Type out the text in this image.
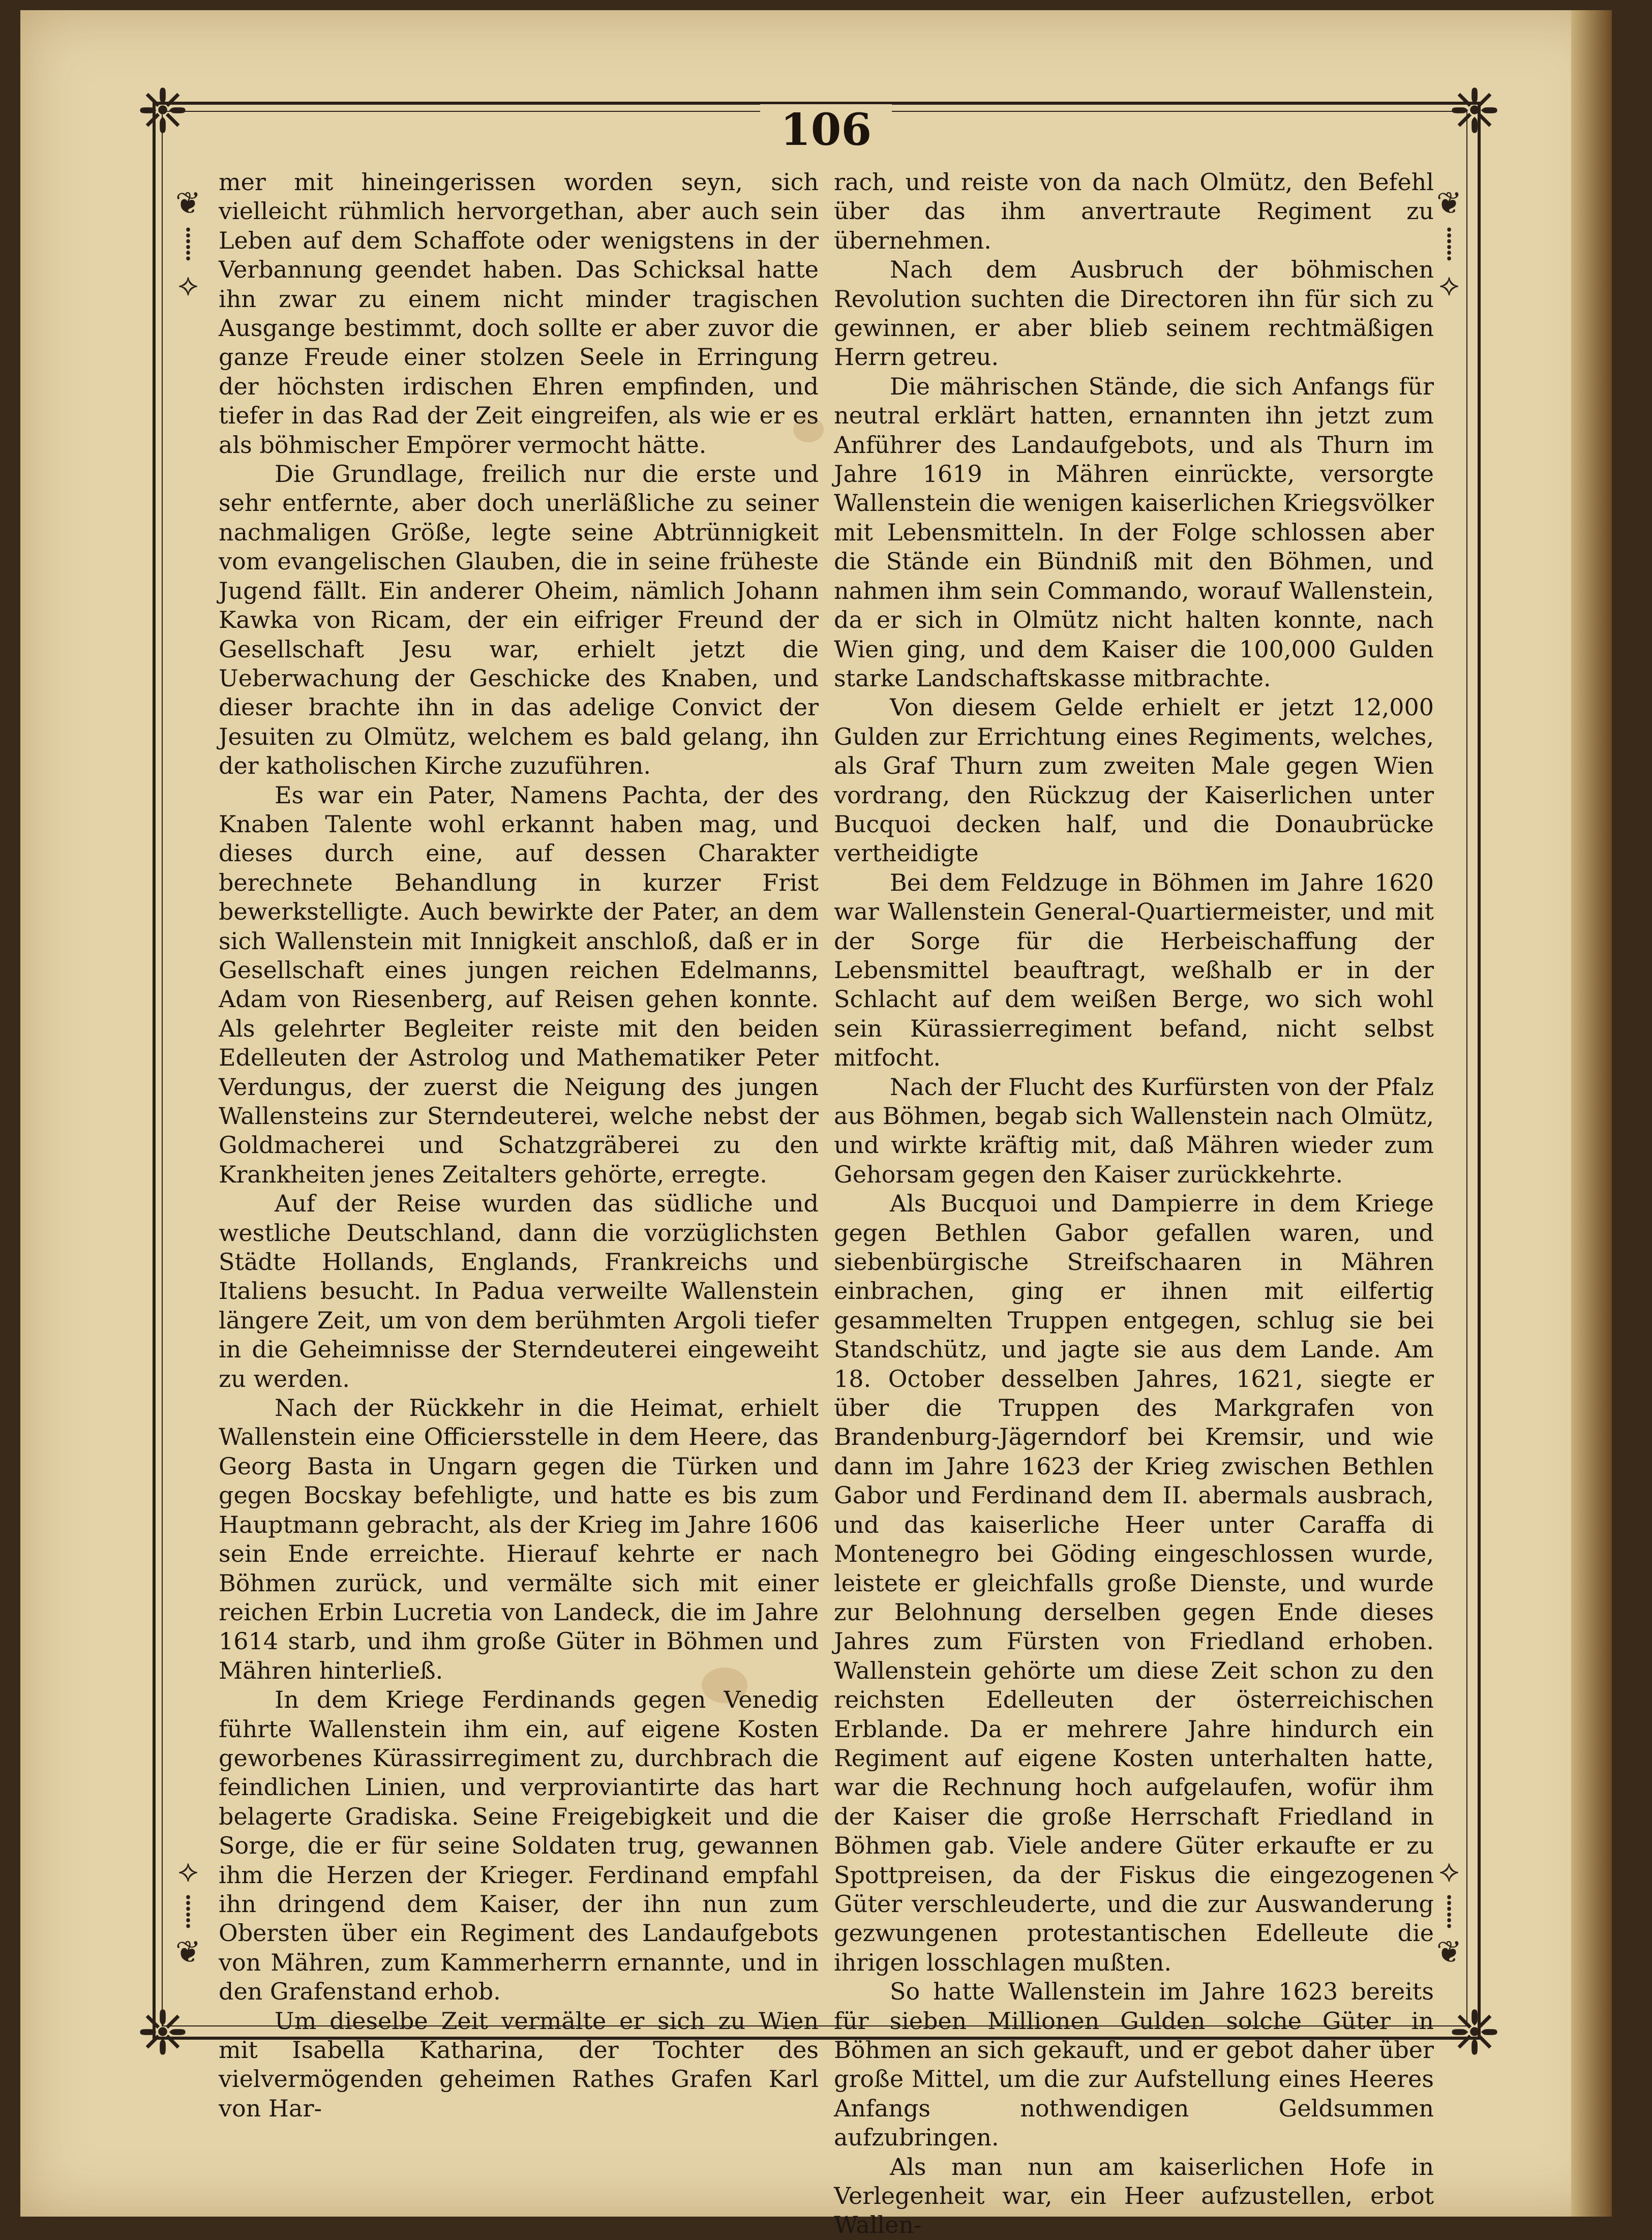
❈	❈
❈	❈
❦
⸽
⟡
❦
⸽
⟡
⟡
⸽
❦
⟡
⸽
❦
106

mer mit hineingerissen worden seyn, sich vielleicht rühmlich hervorgethan, aber auch sein Leben auf dem Schaffote oder wenigstens in der Verbannung geendet haben. Das Schicksal hatte ihn zwar zu einem nicht minder tragischen Ausgange bestimmt, doch sollte er aber zuvor die ganze Freude einer stolzen Seele in Erringung der höchsten irdischen Ehren empfinden, und tiefer in das Rad der Zeit eingreifen, als wie er es als böhmischer Empörer vermocht hätte.

Die Grundlage, freilich nur die erste und sehr entfernte, aber doch unerläßliche zu seiner nachmaligen Größe, legte seine Abtrünnigkeit vom evangelischen Glauben, die in seine früheste Jugend fällt. Ein anderer Oheim, nämlich Johann Kawka von Ricam, der ein eifriger Freund der Gesellschaft Jesu war, erhielt jetzt die Ueberwachung der Geschicke des Knaben, und dieser brachte ihn in das adelige Convict der Jesuiten zu Olmütz, welchem es bald gelang, ihn der katholischen Kirche zuzuführen.

Es war ein Pater, Namens Pachta, der des Knaben Talente wohl erkannt haben mag, und dieses durch eine, auf dessen Charakter berechnete Behandlung in kurzer Frist bewerkstelligte. Auch bewirkte der Pater, an dem sich Wallenstein mit Innigkeit anschloß, daß er in Gesellschaft eines jungen reichen Edelmanns, Adam von Riesenberg, auf Reisen gehen konnte. Als gelehrter Begleiter reiste mit den beiden Edelleuten der Astrolog und Mathematiker Peter Verdungus, der zuerst die Neigung des jungen Wallensteins zur Sterndeuterei, welche nebst der Goldmacherei und Schatzgräberei zu den Krankheiten jenes Zeitalters gehörte, erregte.

Auf der Reise wurden das südliche und westliche Deutschland, dann die vorzüglichsten Städte Hollands, Englands, Frankreichs und Italiens besucht. In Padua verweilte Wallenstein längere Zeit, um von dem berühmten Argoli tiefer in die Geheimnisse der Sterndeuterei eingeweiht zu werden.

Nach der Rückkehr in die Heimat, erhielt Wallenstein eine Officiersstelle in dem Heere, das Georg Basta in Ungarn gegen die Türken und gegen Bocskay befehligte, und hatte es bis zum Hauptmann gebracht, als der Krieg im Jahre 1606 sein Ende erreichte. Hierauf kehrte er nach Böhmen zurück, und vermälte sich mit einer reichen Erbin Lucretia von Landeck, die im Jahre 1614 starb, und ihm große Güter in Böhmen und Mähren hinterließ.

In dem Kriege Ferdinands gegen Venedig führte Wallenstein ihm ein, auf eigene Kosten geworbenes Kürassirregiment zu, durchbrach die feindlichen Linien, und verproviantirte das hart belagerte Gradiska. Seine Freigebigkeit und die Sorge, die er für seine Soldaten trug, gewannen ihm die Herzen der Krieger. Ferdinand empfahl ihn dringend dem Kaiser, der ihn nun zum Obersten über ein Regiment des Landaufgebots von Mähren, zum Kammerherrn ernannte, und in den Grafenstand erhob.

Um dieselbe Zeit vermälte er sich zu Wien mit Isabella Katharina, der Tochter des vielvermögenden geheimen Rathes Grafen Karl von Har-

rach, und reiste von da nach Olmütz, den Befehl über das ihm anvertraute Regiment zu übernehmen.

Nach dem Ausbruch der böhmischen Revolution suchten die Directoren ihn für sich zu gewinnen, er aber blieb seinem rechtmäßigen Herrn getreu.

Die mährischen Stände, die sich Anfangs für neutral erklärt hatten, ernannten ihn jetzt zum Anführer des Landaufgebots, und als Thurn im Jahre 1619 in Mähren einrückte, versorgte Wallenstein die wenigen kaiserlichen Kriegsvölker mit Lebensmitteln. In der Folge schlossen aber die Stände ein Bündniß mit den Böhmen, und nahmen ihm sein Commando, worauf Wallenstein, da er sich in Olmütz nicht halten konnte, nach Wien ging, und dem Kaiser die 100,000 Gulden starke Landschaftskasse mitbrachte.

Von diesem Gelde erhielt er jetzt 12,000 Gulden zur Errichtung eines Regiments, welches, als Graf Thurn zum zweiten Male gegen Wien vordrang, den Rückzug der Kaiserlichen unter Bucquoi decken half, und die Donaubrücke vertheidigte

Bei dem Feldzuge in Böhmen im Jahre 1620 war Wallenstein General-Quartiermeister, und mit der Sorge für die Herbeischaffung der Lebensmittel beauftragt, weßhalb er in der Schlacht auf dem weißen Berge, wo sich wohl sein Kürassierregiment befand, nicht selbst mitfocht.

Nach der Flucht des Kurfürsten von der Pfalz aus Böhmen, begab sich Wallenstein nach Olmütz, und wirkte kräftig mit, daß Mähren wieder zum Gehorsam gegen den Kaiser zurückkehrte.

Als Bucquoi und Dampierre in dem Kriege gegen Bethlen Gabor gefallen waren, und siebenbürgische Streifschaaren in Mähren einbrachen, ging er ihnen mit eilfertig gesammelten Truppen entgegen, schlug sie bei Standschütz, und jagte sie aus dem Lande. Am 18. October desselben Jahres, 1621, siegte er über die Truppen des Markgrafen von Brandenburg-Jägerndorf bei Kremsir, und wie dann im Jahre 1623 der Krieg zwischen Bethlen Gabor und Ferdinand dem II. abermals ausbrach, und das kaiserliche Heer unter Caraffa di Montenegro bei Göding eingeschlossen wurde, leistete er gleichfalls große Dienste, und wurde zur Belohnung derselben gegen Ende dieses Jahres zum Fürsten von Friedland erhoben. Wallenstein gehörte um diese Zeit schon zu den reichsten Edelleuten der österreichischen Erblande. Da er mehrere Jahre hindurch ein Regiment auf eigene Kosten unterhalten hatte, war die Rechnung hoch aufgelaufen, wofür ihm der Kaiser die große Herrschaft Friedland in Böhmen gab. Viele andere Güter erkaufte er zu Spottpreisen, da der Fiskus die eingezogenen Güter verschleuderte, und die zur Auswanderung gezwungenen protestantischen Edelleute die ihrigen losschlagen mußten.

So hatte Wallenstein im Jahre 1623 bereits für sieben Millionen Gulden solche Güter in Böhmen an sich gekauft, und er gebot daher über große Mittel, um die zur Aufstellung eines Heeres Anfangs nothwendigen Geldsummen aufzubringen.

Als man nun am kaiserlichen Hofe in Verlegenheit war, ein Heer aufzustellen, erbot Wallen-
